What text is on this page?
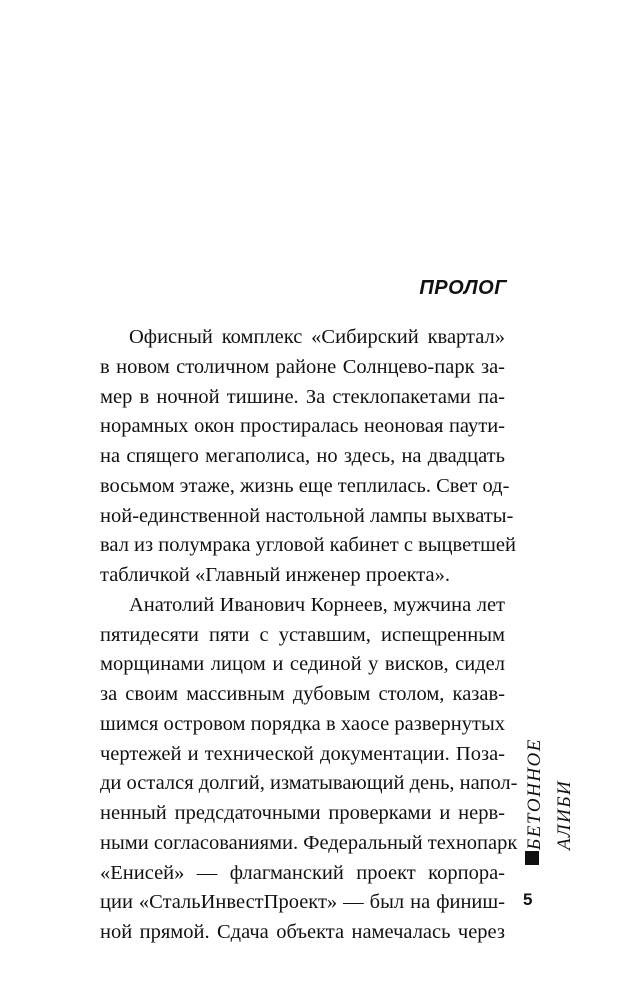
ПРОЛОГ
Офисный комплекс «Сибирский квартал»
в новом столичном районе Солнцево-парк за-
мер в ночной тишине. За стеклопакетами па-
норамных окон простиралась неоновая паути-
на спящего мегаполиса, но здесь, на двадцать
восьмом этаже, жизнь еще теплилась. Свет од-
ной-единственной настольной лампы выхваты-
вал из полумрака угловой кабинет с выцветшей
табличкой «Главный инженер проекта».
Анатолий Иванович Корнеев, мужчина лет
пятидесяти пяти с уставшим, испещренным
морщинами лицом и сединой у висков, сидел
за своим массивным дубовым столом, казав-
шимся островом порядка в хаосе развернутых
чертежей и технической документации. Поза-
ди остался долгий, изматывающий день, напол-
ненный предсдаточными проверками и нерв-
ными согласованиями. Федеральный технопарк
«Енисей» — флагманский проект корпора-
ции «СтальИнвестПроект» — был на финиш-
ной прямой. Сдача объекта намечалась через
БЕТОННОЕ АЛИБИ
5
